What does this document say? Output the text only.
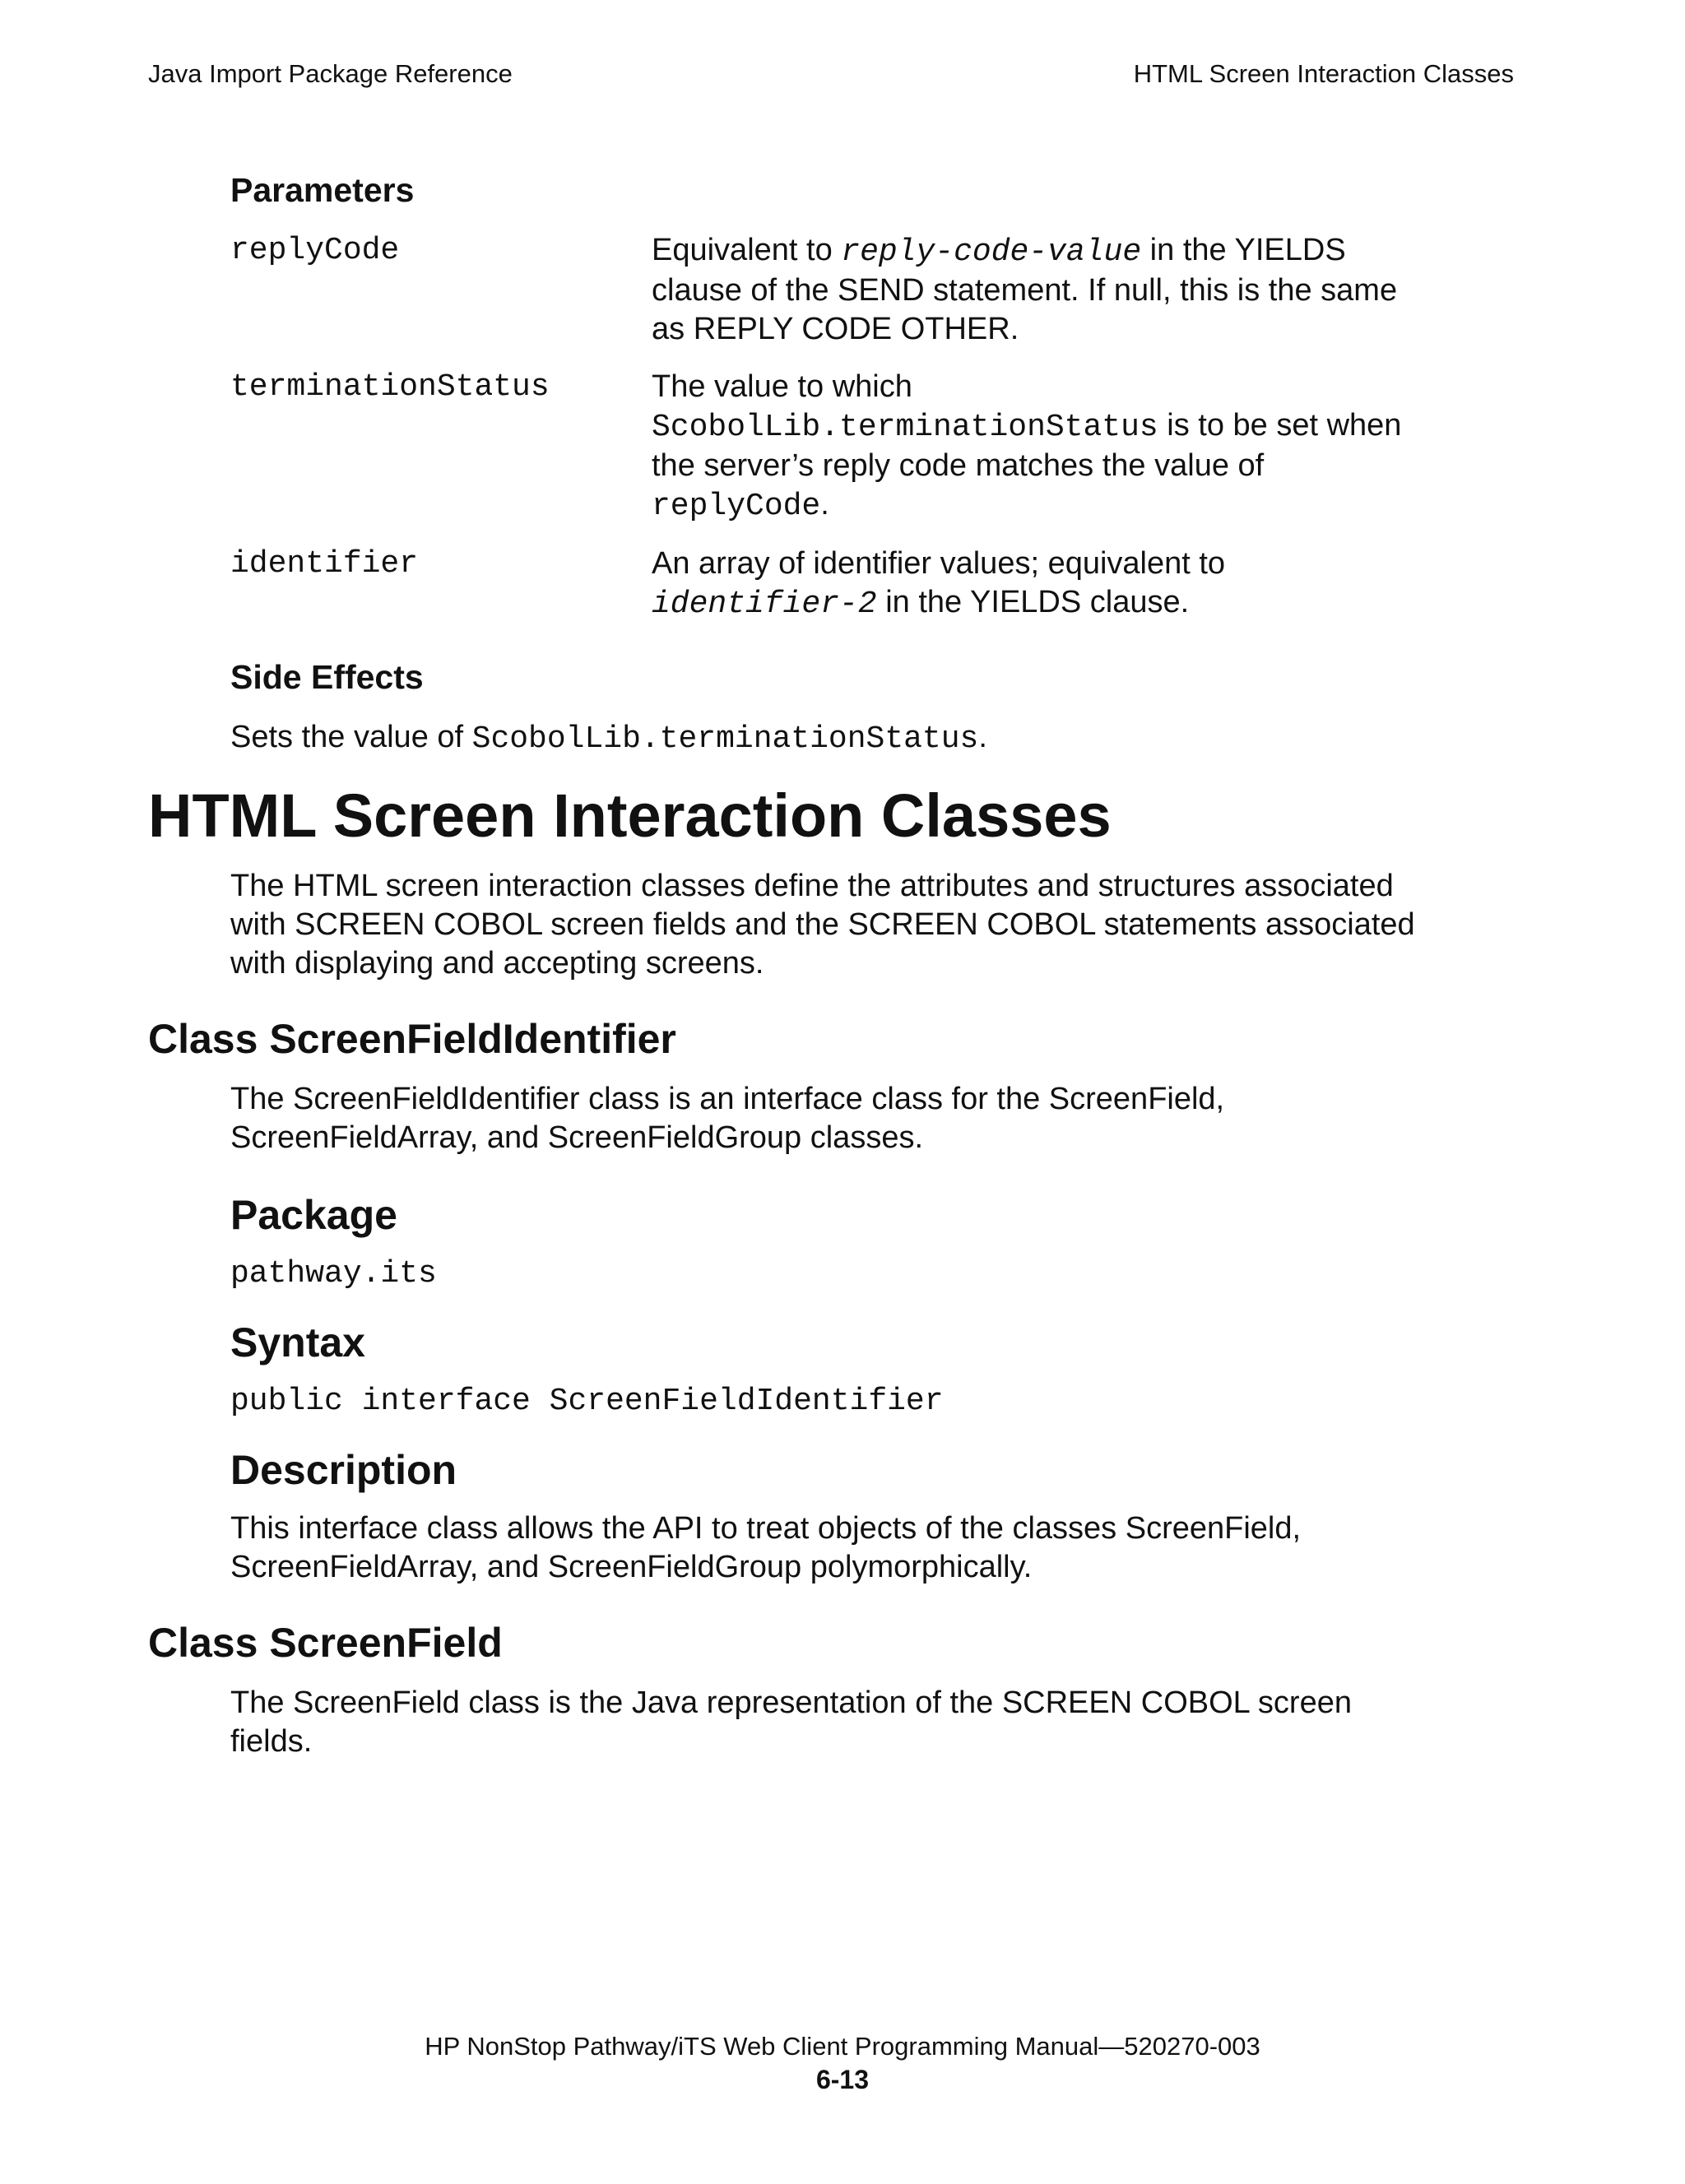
Java Import Package Reference	HTML Screen Interaction Classes
Parameters
replyCode	Equivalent to reply-code-value in the YIELDS
clause of the SEND statement. If null, this is the same
as REPLY CODE OTHER.
terminationStatus	The value to which
ScobolLib.terminationStatus is to be set when
the server’s reply code matches the value of
replyCode.
identifier	An array of identifier values; equivalent to
identifier-2 in the YIELDS clause.
Side Effects

Sets the value of ScobolLib.terminationStatus.

HTML Screen Interaction Classes

The HTML screen interaction classes define the attributes and structures associated
with SCREEN COBOL screen fields and the SCREEN COBOL statements associated
with displaying and accepting screens.

Class ScreenFieldIdentifier

The ScreenFieldIdentifier class is an interface class for the ScreenField,
ScreenFieldArray, and ScreenFieldGroup classes.

Package

pathway.its

Syntax

public interface ScreenFieldIdentifier

Description

This interface class allows the API to treat objects of the classes ScreenField,
ScreenFieldArray, and ScreenFieldGroup polymorphically.

Class ScreenField

The ScreenField class is the Java representation of the SCREEN COBOL screen
fields.

HP NonStop Pathway/iTS Web Client Programming Manual—520270-003
6-13
